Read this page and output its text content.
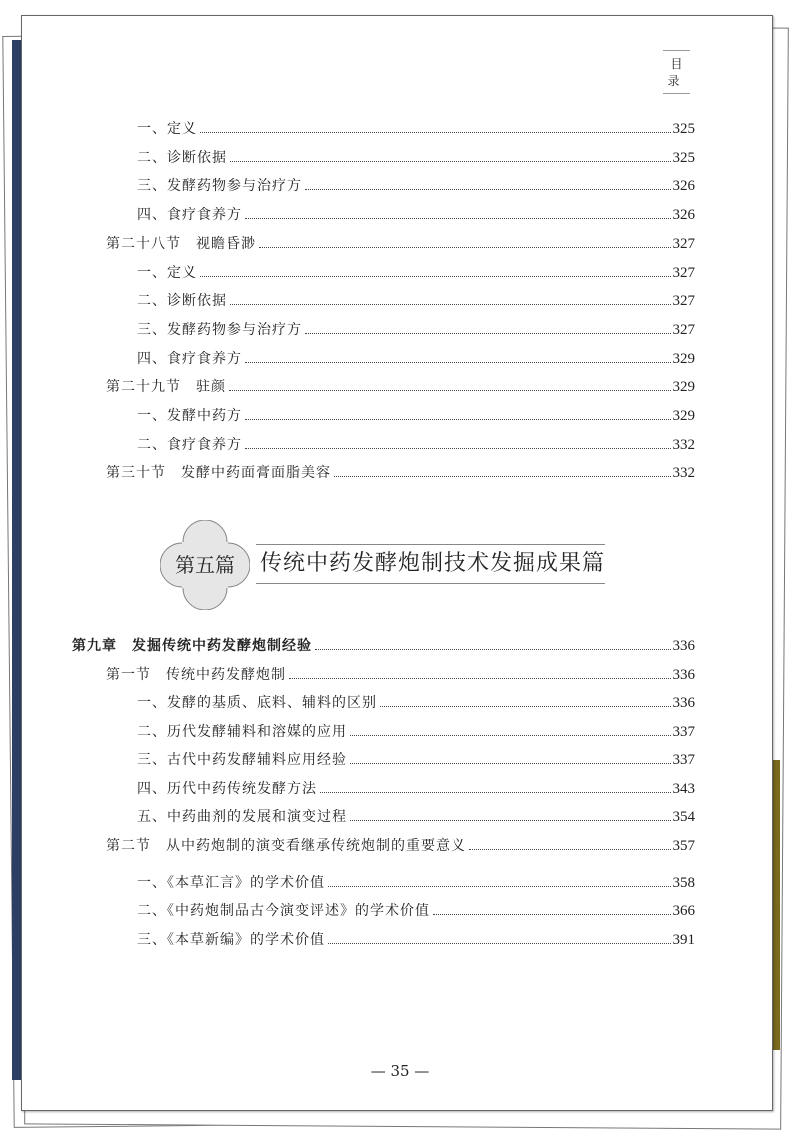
目 录
一、定义	325
二、诊断依据	325
三、发酵药物参与治疗方	326
四、食疗食养方	326
第二十八节　视瞻昏渺	327
一、定义	327
二、诊断依据	327
三、发酵药物参与治疗方	327
四、食疗食养方	329
第二十九节　驻颜	329
一、发酵中药方	329
二、食疗食养方	332
第三十节　发酵中药面膏面脂美容	332
第五篇	传统中药发酵炮制技术发掘成果篇
第九章　发掘传统中药发酵炮制经验	336
第一节　传统中药发酵炮制	336
一、发酵的基质、底料、辅料的区别	336
二、历代发酵辅料和溶媒的应用	337
三、古代中药发酵辅料应用经验	337
四、历代中药传统发酵方法	343
五、中药曲剂的发展和演变过程	354
第二节　从中药炮制的演变看继承传统炮制的重要意义	357
一、《本草汇言》的学术价值	358
二、《中药炮制品古今演变评述》的学术价值	366
三、《本草新编》的学术价值	391
— 35 —
